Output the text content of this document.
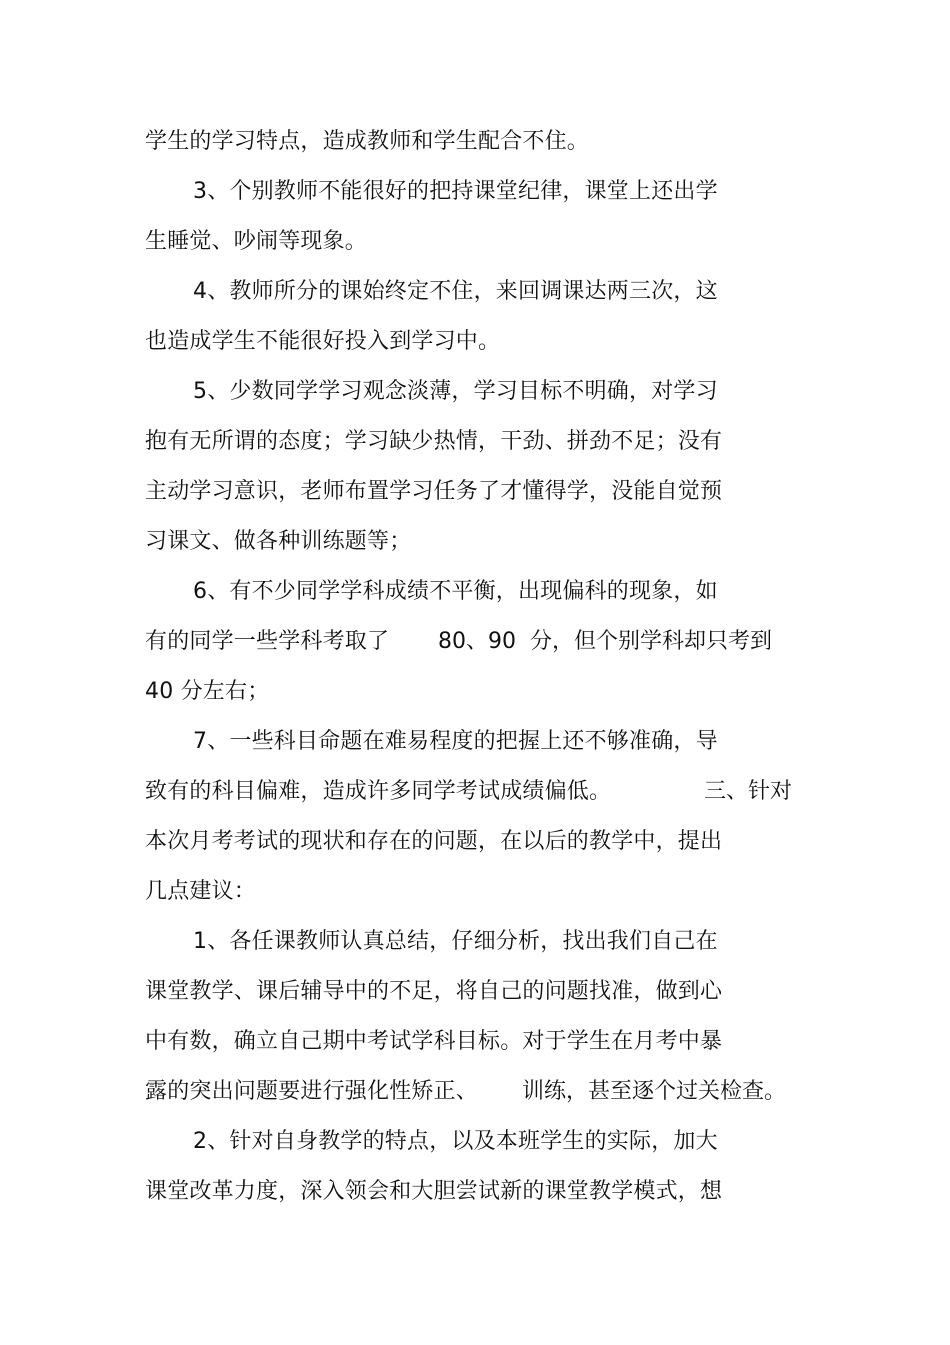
学生的学习特点，造成教师和学生配合不住。
3、个别教师不能很好的把持课堂纪律，课堂上还出学
生睡觉、吵闹等现象。
4、教师所分的课始终定不住，来回调课达两三次，这
也造成学生不能很好投入到学习中。
5、少数同学学习观念淡薄，学习目标不明确，对学习
抱有无所谓的态度；学习缺少热情，干劲、拼劲不足；没有
主动学习意识，老师布置学习任务了才懂得学，没能自觉预
习课文、做各种训练题等；
6、有不少同学学科成绩不平衡，出现偏科的现象，如
有的同学一些学科考取了 80、90  分，但个别学科却只考到
40 分左右；
7、一些科目命题在难易程度的把握上还不够准确，导
致有的科目偏难，造成许多同学考试成绩偏低。	三、针对
本次月考考试的现状和存在的问题，在以后的教学中，提出
几点建议：
1、各任课教师认真总结，仔细分析，找出我们自己在
课堂教学、课后辅导中的不足，将自己的问题找准，做到心
中有数，确立自己期中考试学科目标。对于学生在月考中暴
露的突出问题要进行强化性矫正、 训练，甚至逐个过关检查。
2、针对自身教学的特点，以及本班学生的实际，加大
课堂改革力度，深入领会和大胆尝试新的课堂教学模式，想
